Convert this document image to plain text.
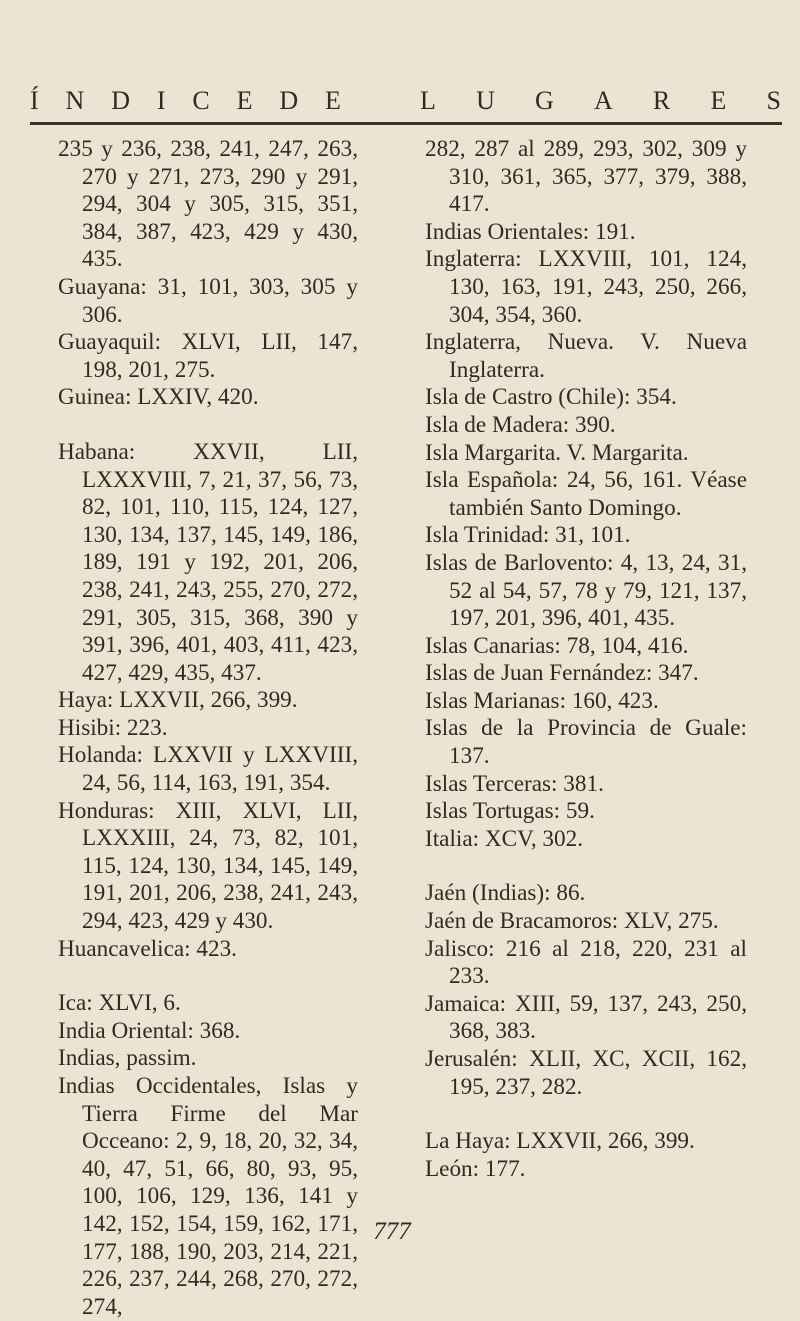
Í N D I C E D E	L U G A R E S
235 y 236, 238, 241, 247, 263, 270 y 271, 273, 290 y 291, 294, 304 y 305, 315, 351, 384, 387, 423, 429 y 430, 435.
Guayana: 31, 101, 303, 305 y 306.
Guayaquil: XLVI, LII, 147, 198, 201, 275.
Guinea: LXXIV, 420.
Habana: XXVII, LII, LXXXVIII, 7, 21, 37, 56, 73, 82, 101, 110, 115, 124, 127, 130, 134, 137, 145, 149, 186, 189, 191 y 192, 201, 206, 238, 241, 243, 255, 270, 272, 291, 305, 315, 368, 390 y 391, 396, 401, 403, 411, 423, 427, 429, 435, 437.
Haya: LXXVII, 266, 399.
Hisibi: 223.
Holanda: LXXVII y LXXVIII, 24, 56, 114, 163, 191, 354.
Honduras: XIII, XLVI, LII, LXXXIII, 24, 73, 82, 101, 115, 124, 130, 134, 145, 149, 191, 201, 206, 238, 241, 243, 294, 423, 429 y 430.
Huancavelica: 423.
Ica: XLVI, 6.
India Oriental: 368.
Indias, passim.
Indias Occidentales, Islas y Tierra Firme del Mar Occeano: 2, 9, 18, 20, 32, 34, 40, 47, 51, 66, 80, 93, 95, 100, 106, 129, 136, 141 y 142, 152, 154, 159, 162, 171, 177, 188, 190, 203, 214, 221, 226, 237, 244, 268, 270, 272, 274,
282, 287 al 289, 293, 302, 309 y 310, 361, 365, 377, 379, 388, 417.
Indias Orientales: 191.
Inglaterra: LXXVIII, 101, 124, 130, 163, 191, 243, 250, 266, 304, 354, 360.
Inglaterra, Nueva. V. Nueva Inglaterra.
Isla de Castro (Chile): 354.
Isla de Madera: 390.
Isla Margarita. V. Margarita.
Isla Española: 24, 56, 161. Véase también Santo Domingo.
Isla Trinidad: 31, 101.
Islas de Barlovento: 4, 13, 24, 31, 52 al 54, 57, 78 y 79, 121, 137, 197, 201, 396, 401, 435.
Islas Canarias: 78, 104, 416.
Islas de Juan Fernández: 347.
Islas Marianas: 160, 423.
Islas de la Provincia de Guale: 137.
Islas Terceras: 381.
Islas Tortugas: 59.
Italia: XCV, 302.
Jaén (Indias): 86.
Jaén de Bracamoros: XLV, 275.
Jalisco: 216 al 218, 220, 231 al 233.
Jamaica: XIII, 59, 137, 243, 250, 368, 383.
Jerusalén: XLII, XC, XCII, 162, 195, 237, 282.
La Haya: LXXVII, 266, 399.
León: 177.
777
